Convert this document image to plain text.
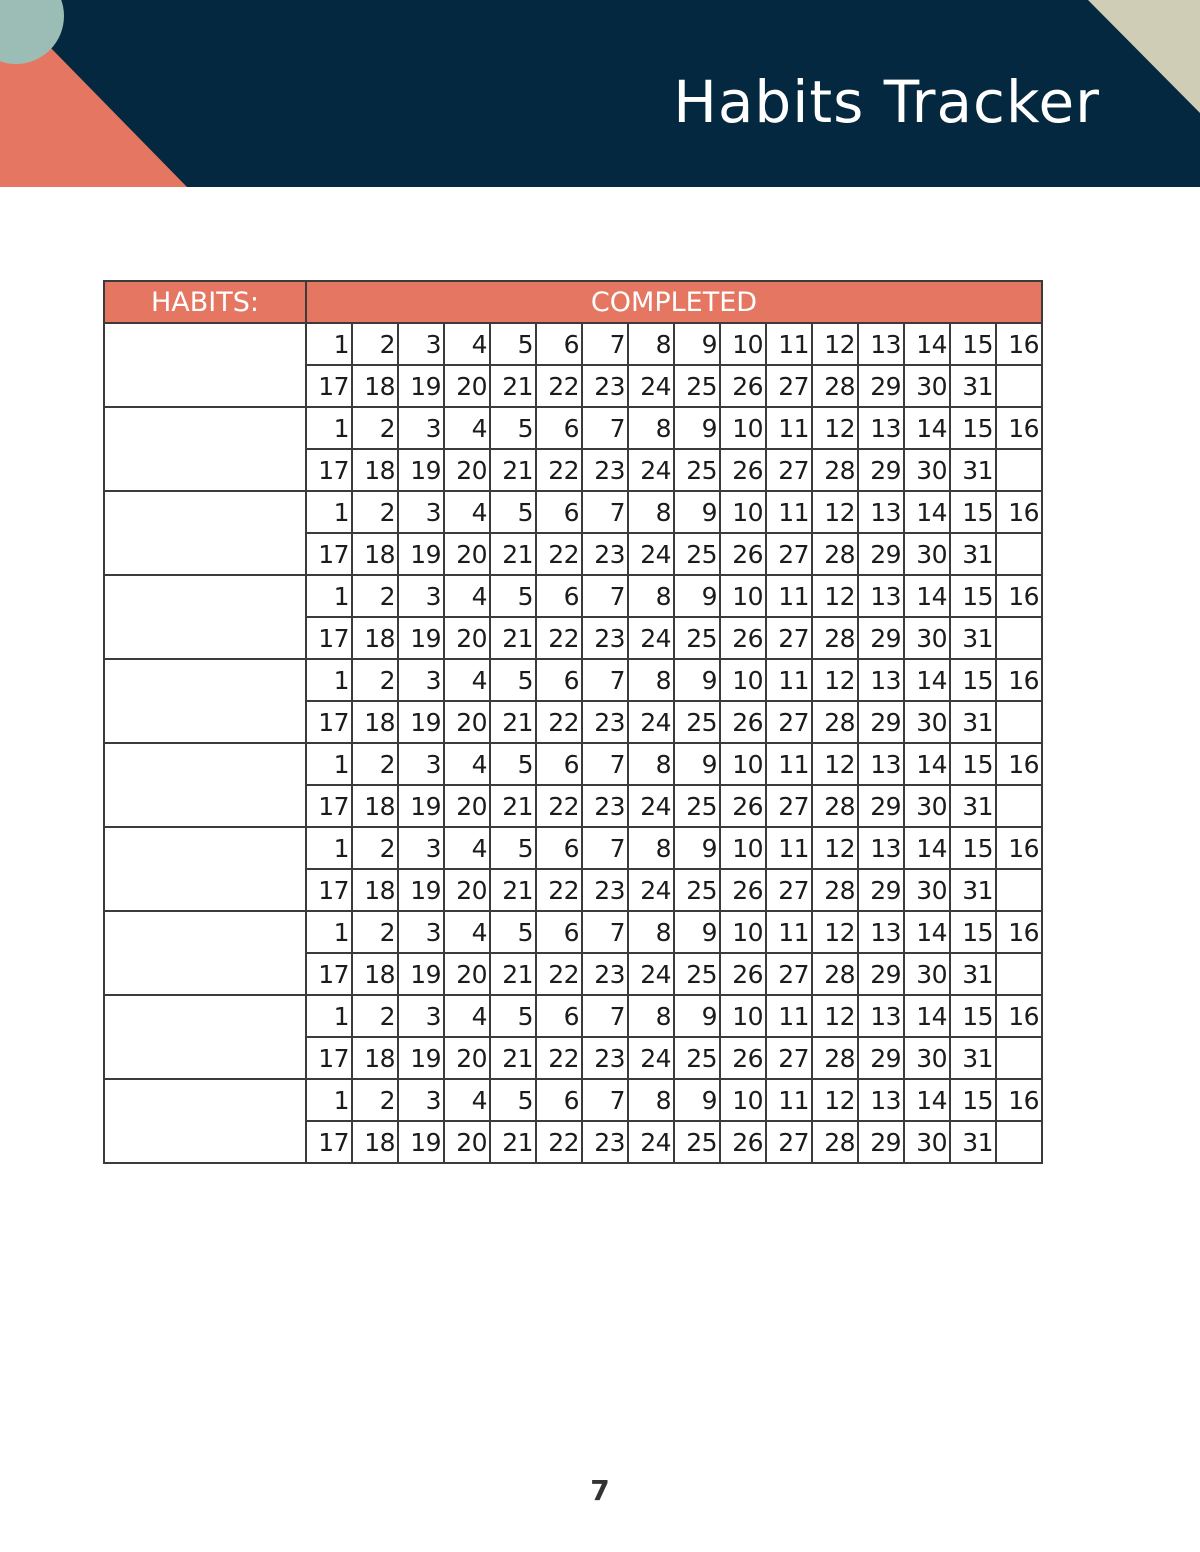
Habits Tracker
HABITS:	COMPLETED															
	1	2	3	4	5	6	7	8	9	10	11	12	13	14	15	16
	17	18	19	20	21	22	23	24	25	26	27	28	29	30	31	
	1	2	3	4	5	6	7	8	9	10	11	12	13	14	15	16
	17	18	19	20	21	22	23	24	25	26	27	28	29	30	31	
	1	2	3	4	5	6	7	8	9	10	11	12	13	14	15	16
	17	18	19	20	21	22	23	24	25	26	27	28	29	30	31	
	1	2	3	4	5	6	7	8	9	10	11	12	13	14	15	16
	17	18	19	20	21	22	23	24	25	26	27	28	29	30	31	
	1	2	3	4	5	6	7	8	9	10	11	12	13	14	15	16
	17	18	19	20	21	22	23	24	25	26	27	28	29	30	31	
	1	2	3	4	5	6	7	8	9	10	11	12	13	14	15	16
	17	18	19	20	21	22	23	24	25	26	27	28	29	30	31	
	1	2	3	4	5	6	7	8	9	10	11	12	13	14	15	16
	17	18	19	20	21	22	23	24	25	26	27	28	29	30	31	
	1	2	3	4	5	6	7	8	9	10	11	12	13	14	15	16
	17	18	19	20	21	22	23	24	25	26	27	28	29	30	31	
	1	2	3	4	5	6	7	8	9	10	11	12	13	14	15	16
	17	18	19	20	21	22	23	24	25	26	27	28	29	30	31	
	1	2	3	4	5	6	7	8	9	10	11	12	13	14	15	16
	17	18	19	20	21	22	23	24	25	26	27	28	29	30	31	
7
